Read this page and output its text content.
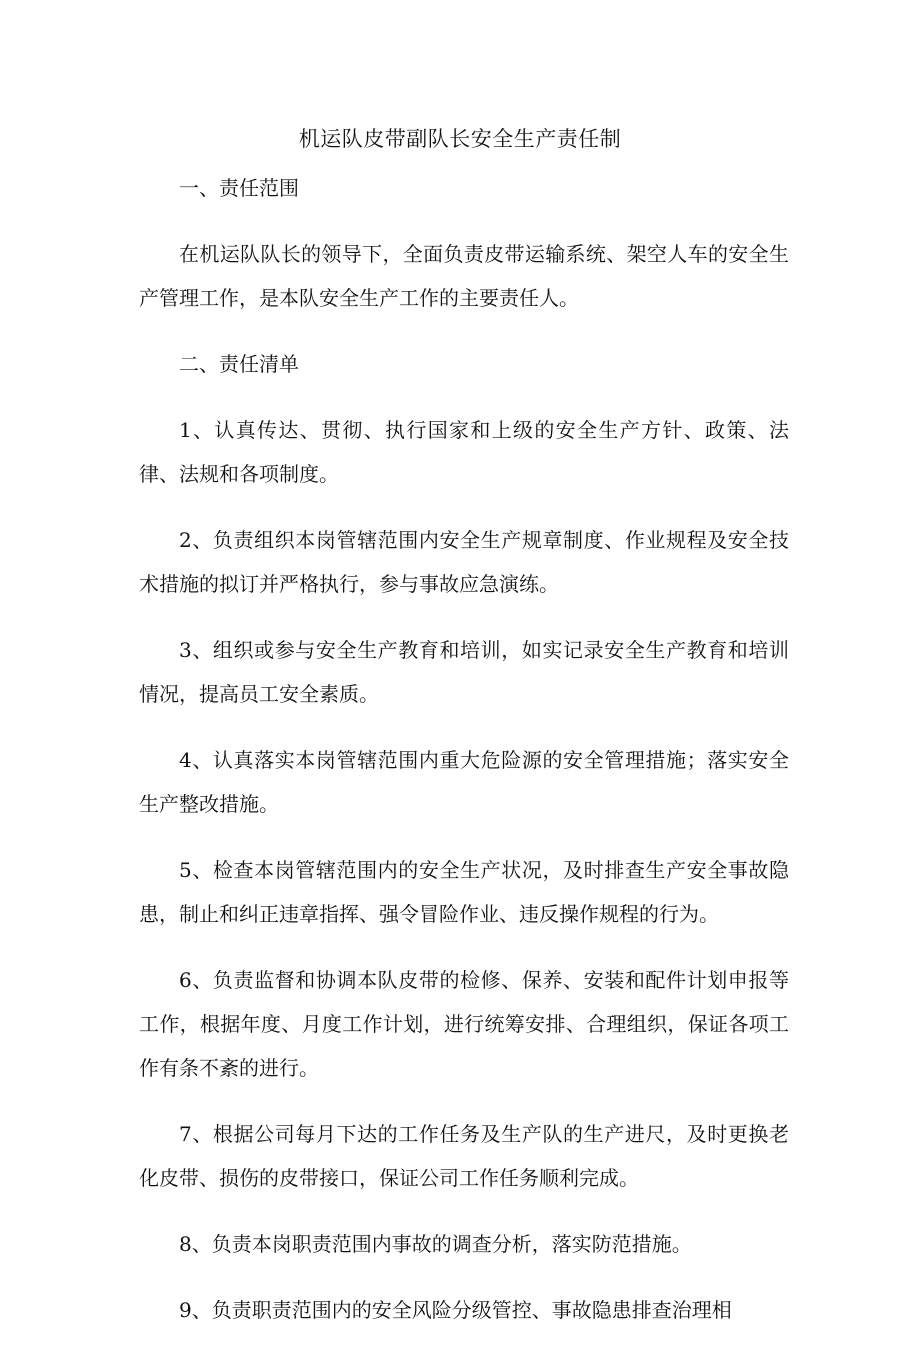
机运队皮带副队长安全生产责任制

一、责任范围

在机运队队长的领导下，全面负责皮带运输系统、架空人车的安全生产管理工作，是本队安全生产工作的主要责任人。

二、责任清单

1、认真传达、贯彻、执行国家和上级的安全生产方针、政策、法律、法规和各项制度。

2、负责组织本岗管辖范围内安全生产规章制度、作业规程及安全技术措施的拟订并严格执行，参与事故应急演练。

3、组织或参与安全生产教育和培训，如实记录安全生产教育和培训情况，提高员工安全素质。

4、认真落实本岗管辖范围内重大危险源的安全管理措施；落实安全生产整改措施。

5、检查本岗管辖范围内的安全生产状况，及时排查生产安全事故隐患，制止和纠正违章指挥、强令冒险作业、违反操作规程的行为。

6、负责监督和协调本队皮带的检修、保养、安装和配件计划申报等工作，根据年度、月度工作计划，进行统筹安排、合理组织，保证各项工作有条不紊的进行。

7、根据公司每月下达的工作任务及生产队的生产进尺，及时更换老化皮带、损伤的皮带接口，保证公司工作任务顺利完成。

8、负责本岗职责范围内事故的调查分析，落实防范措施。

9、负责职责范围内的安全风险分级管控、事故隐患排查治理相
